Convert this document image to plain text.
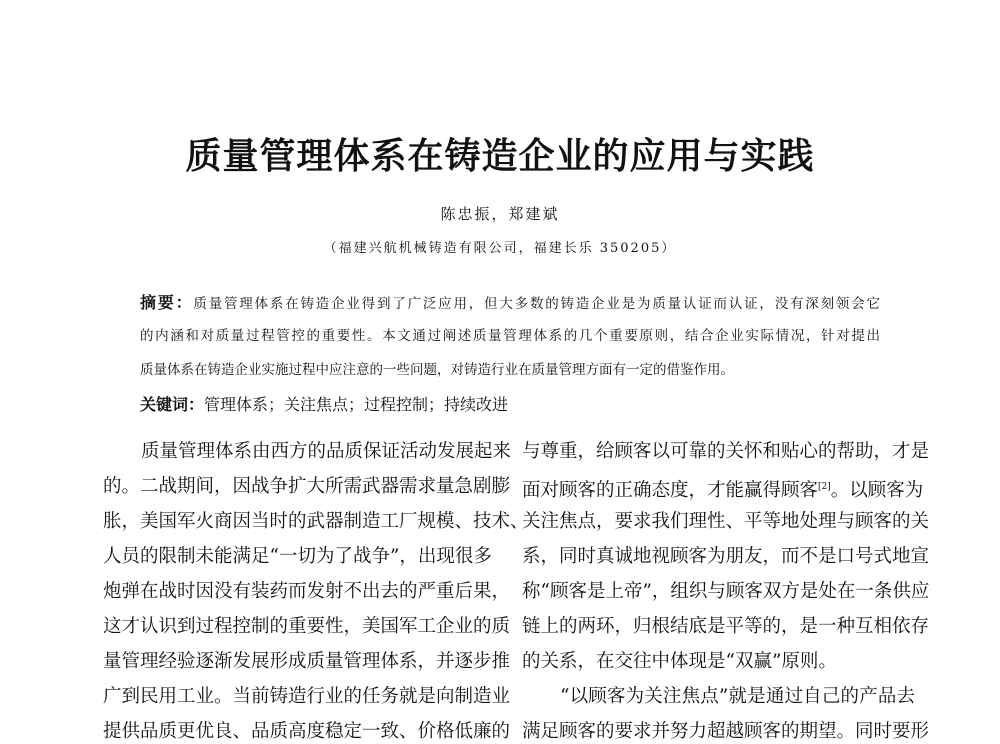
质量管理体系在铸造企业的应用与实践
陈忠振，郑建斌
（福建兴航机械铸造有限公司，福建长乐 350205）
摘要：质量管理体系在铸造企业得到了广泛应用，但大多数的铸造企业是为质量认证而认证，没有深刻领会它
的内涵和对质量过程管控的重要性。本文通过阐述质量管理体系的几个重要原则，结合企业实际情况，针对提出
质量体系在铸造企业实施过程中应注意的一些问题，对铸造行业在质量管理方面有一定的借鉴作用。
关键词：管理体系；关注焦点；过程控制；持续改进
质量管理体系由西方的品质保证活动发展起来
的。二战期间，因战争扩大所需武器需求量急剧膨
胀，美国军火商因当时的武器制造工厂规模、技术、
人员的限制未能满足“一切为了战争”，出现很多
炮弹在战时因没有装药而发射不出去的严重后果，
这才认识到过程控制的重要性，美国军工企业的质
量管理经验逐渐发展形成质量管理体系，并逐步推
广到民用工业。当前铸造行业的任务就是向制造业
提供品质更优良、品质高度稳定一致、价格低廉的
与尊重，给顾客以可靠的关怀和贴心的帮助，才是
面对顾客的正确态度，才能赢得顾客[2]。以顾客为
关注焦点，要求我们理性、平等地处理与顾客的关
系，同时真诚地视顾客为朋友，而不是口号式地宣
称“顾客是上帝”，组织与顾客双方是处在一条供应
链上的两环，归根结底是平等的，是一种互相依存
的关系，在交往中体现是“双赢”原则。
“以顾客为关注焦点”就是通过自己的产品去
满足顾客的要求并努力超越顾客的期望。同时要形
